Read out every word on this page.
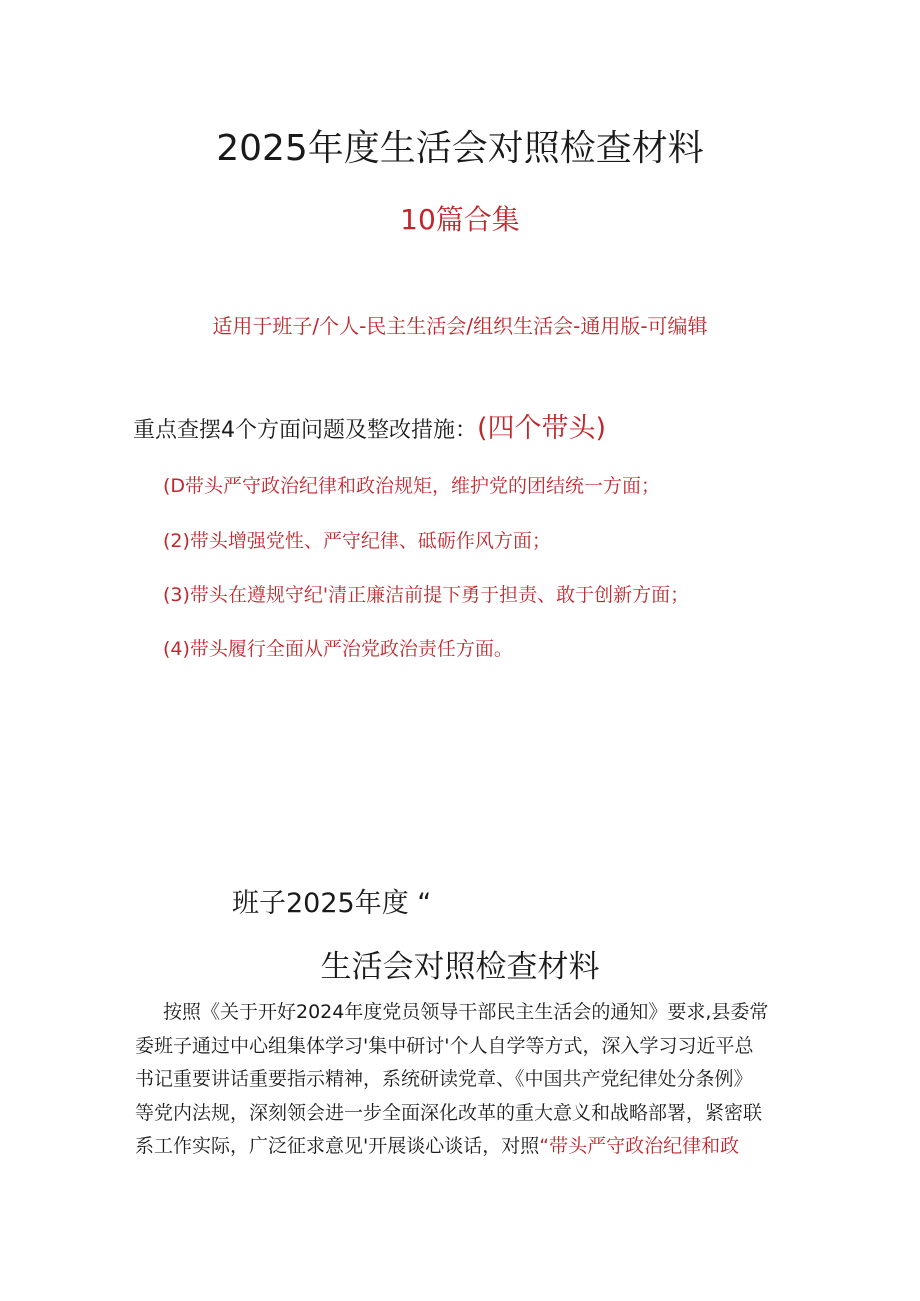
2025年度生活会对照检查材料
10篇合集
适用于班子/个人-民主生活会/组织生活会-通用版-可编辑
重点查摆4个方面问题及整改措施：(四个带头)
(D带头严守政治纪律和政治规矩，维护党的团结统一方面；
(2)带头增强党性、严守纪律、砥砺作风方面；
(3)带头在遵规守纪'清正廉洁前提下勇于担责、敢于创新方面；
(4)带头履行全面从严治党政治责任方面。
班子2025年度 “
生活会对照检查材料
按照《关于开好2024年度党员领导干部民主生活会的通知》要求,县委常
委班子通过中心组集体学习'集中研讨'个人自学等方式，深入学习习近平总
书记重要讲话重要指示精神，系统研读党章、《中国共产党纪律处分条例》
等党内法规，深刻领会进一步全面深化改革的重大意义和战略部署，紧密联
系工作实际，广泛征求意见'开展谈心谈话，对照“带头严守政治纪律和政
